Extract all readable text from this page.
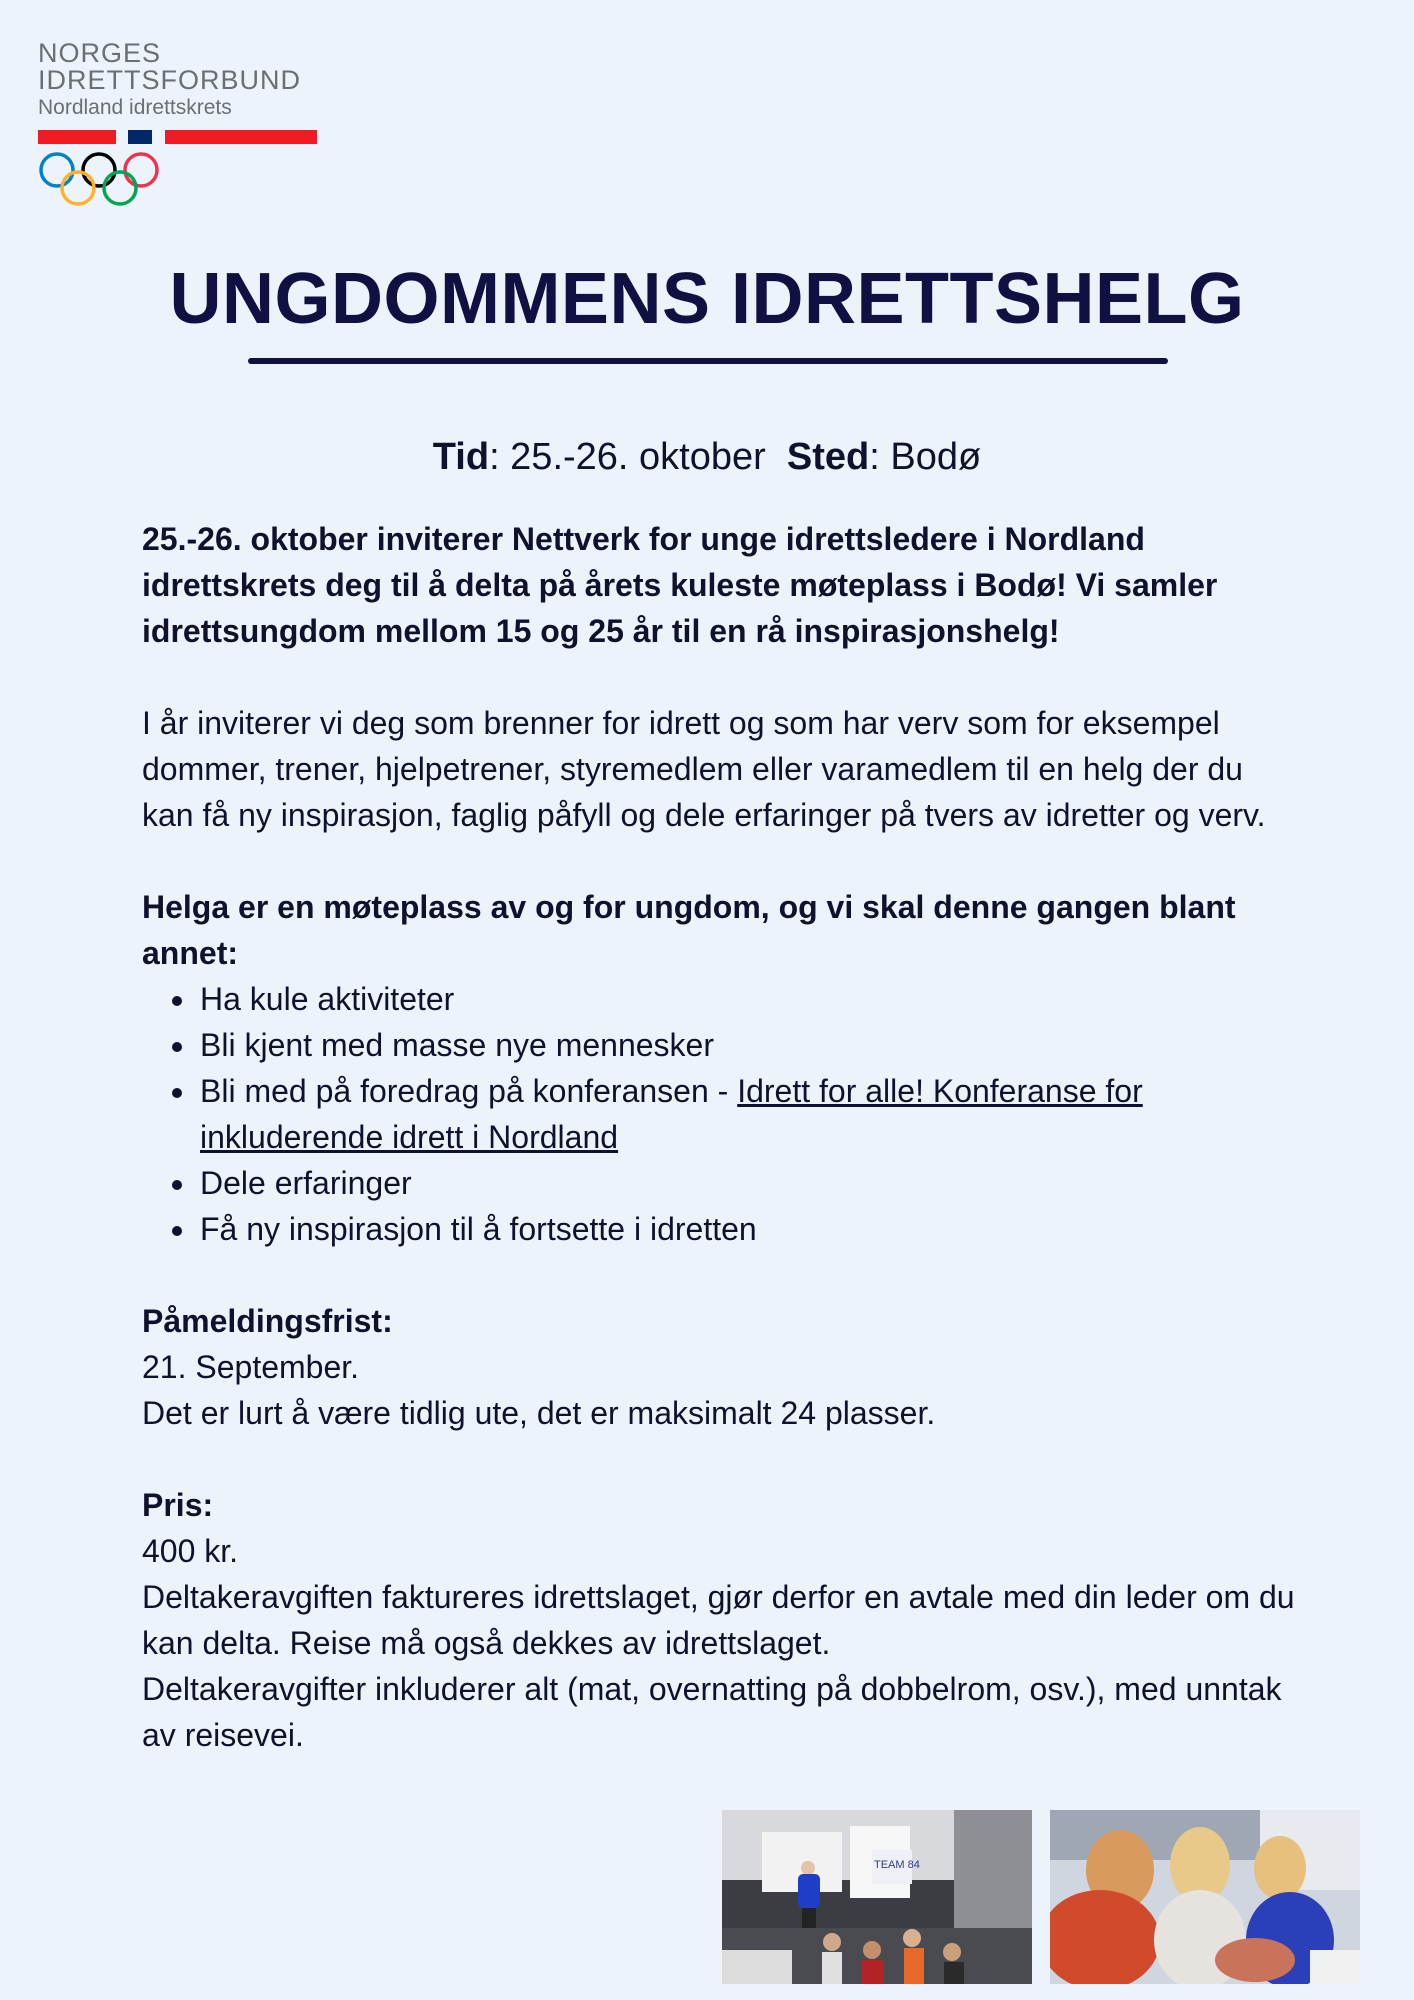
NORGES
IDRETTSFORBUND
Nordland idrettskrets
UNGDOMMENS IDRETTSHELG
Tid: 25.-26. oktober Sted: Bodø

25.-26. oktober inviterer Nettverk for unge idrettsledere i Nordland idrettskrets deg til å delta på årets kuleste møteplass i Bodø! Vi samler idrettsungdom mellom 15 og 25 år til en rå inspirasjonshelg!

I år inviterer vi deg som brenner for idrett og som har verv som for eksempel dommer, trener, hjelpetrener, styremedlem eller varamedlem til en helg der du kan få ny inspirasjon, faglig påfyll og dele erfaringer på tvers av idretter og verv.

Helga er en møteplass av og for ungdom, og vi skal denne gangen blant annet:

• Ha kule aktiviteter
• Bli kjent med masse nye mennesker
• Bli med på foredrag på konferansen - Idrett for alle! Konferanse for inkluderende idrett i Nordland
• Dele erfaringer
• Få ny inspirasjon til å fortsette i idretten

Påmeldingsfrist:

21. September.

Det er lurt å være tidlig ute, det er maksimalt 24 plasser.

Pris:

400 kr.

Deltakeravgiften faktureres idrettslaget, gjør derfor en avtale med din leder om du kan delta. Reise må også dekkes av idrettslaget.

Deltakeravgifter inkluderer alt (mat, overnatting på dobbelrom, osv.), med unntak av reisevei.

TEAM 84
